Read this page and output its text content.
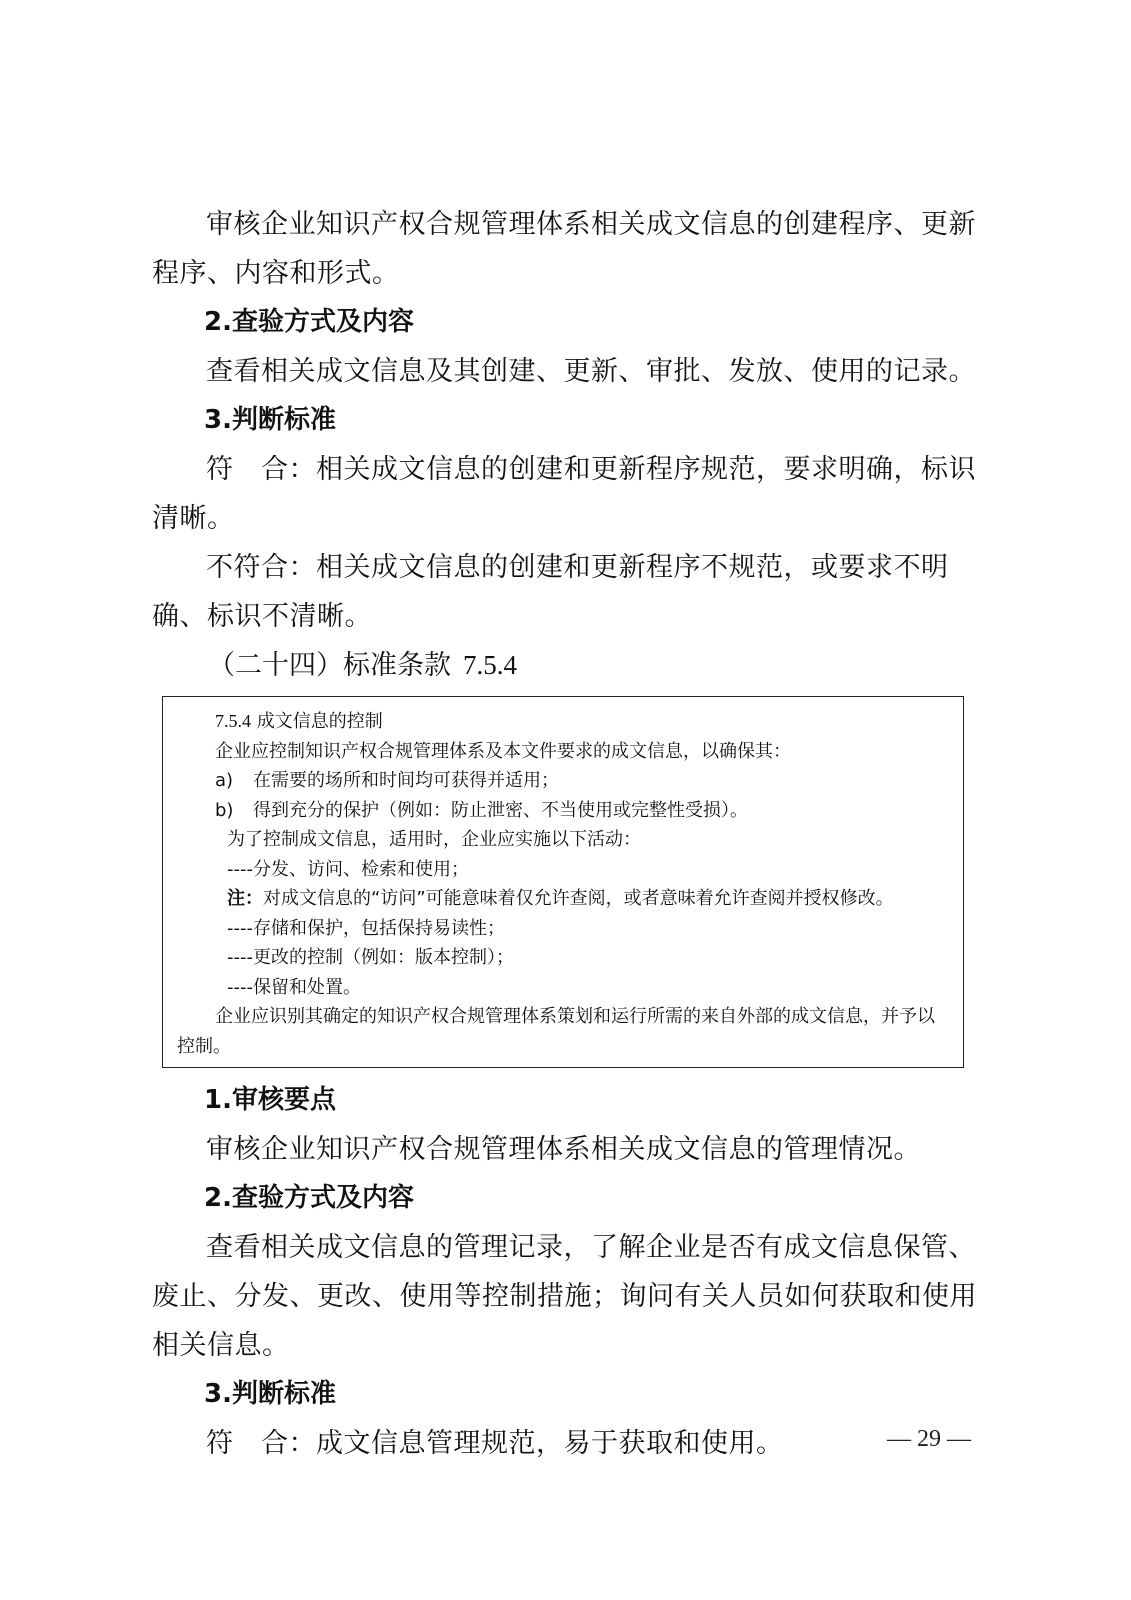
审核企业知识产权合规管理体系相关成文信息的创建程序、更新程序、内容和形式。

2.查验方式及内容

查看相关成文信息及其创建、更新、审批、发放、使用的记录。

3.判断标准

符　合：相关成文信息的创建和更新程序规范，要求明确，标识清晰。

不符合：相关成文信息的创建和更新程序不规范，或要求不明确、标识不清晰。

（二十四）标准条款 7.5.4

7.5.4 成文信息的控制

企业应控制知识产权合规管理体系及本文件要求的成文信息，以确保其：

a) 在需要的场所和时间均可获得并适用；

b) 得到充分的保护（例如：防止泄密、不当使用或完整性受损）。

为了控制成文信息，适用时，企业应实施以下活动：

----分发、访问、检索和使用；

注：对成文信息的“访问”可能意味着仅允许查阅，或者意味着允许查阅并授权修改。

----存储和保护，包括保持易读性；

----更改的控制（例如：版本控制）；

----保留和处置。

企业应识别其确定的知识产权合规管理体系策划和运行所需的来自外部的成文信息，并予以控制。

1.审核要点

审核企业知识产权合规管理体系相关成文信息的管理情况。

2.查验方式及内容

查看相关成文信息的管理记录，了解企业是否有成文信息保管、废止、分发、更改、使用等控制措施；询问有关人员如何获取和使用相关信息。

3.判断标准

符　合：成文信息管理规范，易于获取和使用。	— 29 —
